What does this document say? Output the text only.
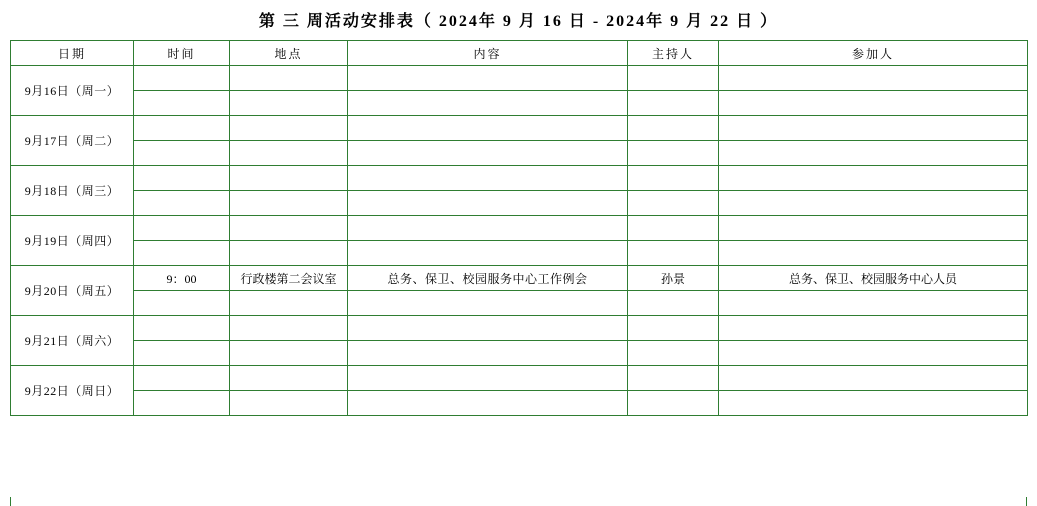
第 三 周活动安排表（ 2024年 9 月 16 日 - 2024年 9 月 22 日 ）
日期	时间	地点	内容	主持人	参加人
9月16日（周一）					

9月17日（周二）					

9月18日（周三）					

9月19日（周四）					

9月20日（周五）	9：00	行政楼第二会议室	总务、保卫、校园服务中心工作例会	孙景	总务、保卫、校园服务中心人员

9月21日（周六）					

9月22日（周日）					
